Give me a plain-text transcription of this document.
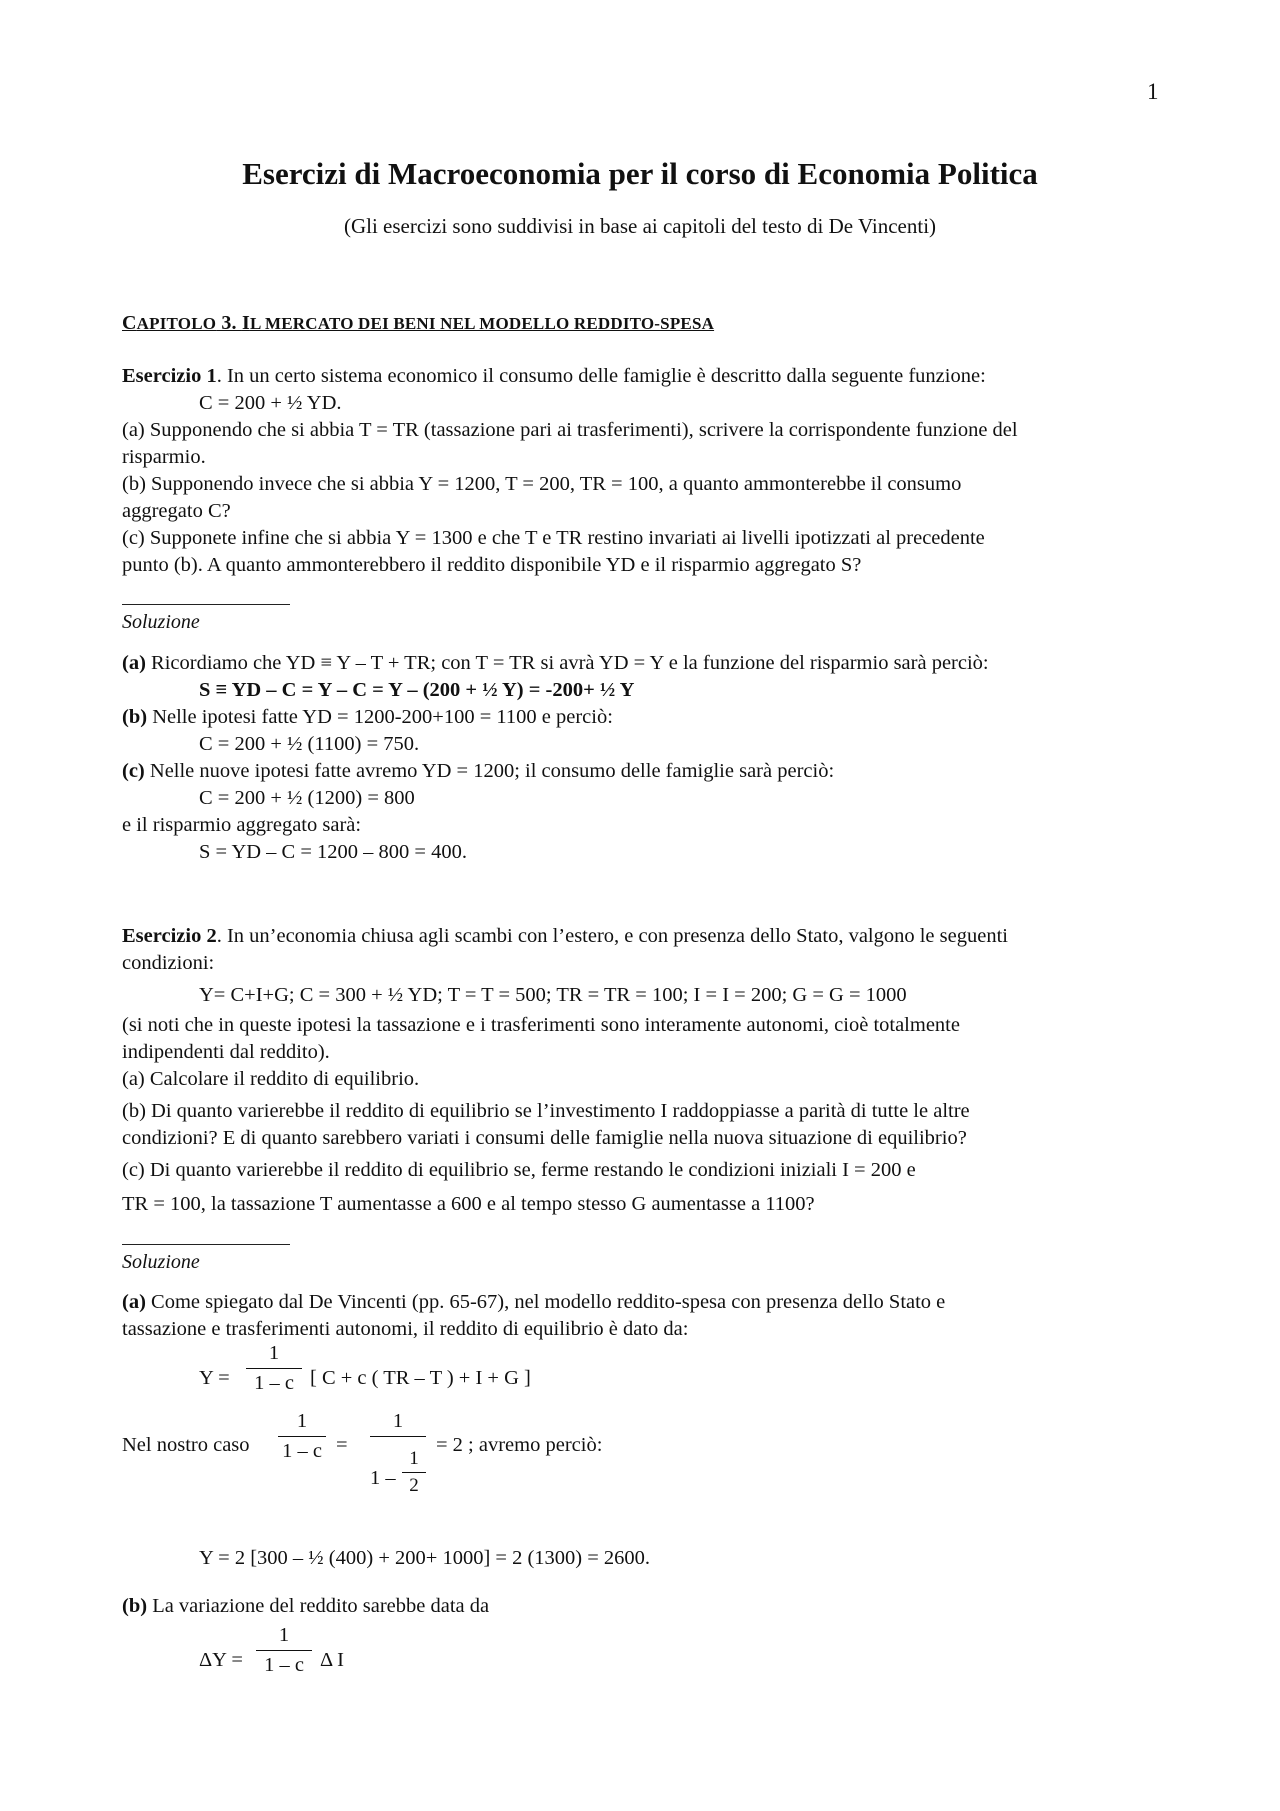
1
Esercizi di Macroeconomia per il corso di Economia Politica
(Gli esercizi sono suddivisi in base ai capitoli del testo di De Vincenti)
CAPITOLO 3. IL MERCATO DEI BENI NEL MODELLO REDDITO-SPESA
Esercizio 1. In un certo sistema economico il consumo delle famiglie è descritto dalla seguente funzione:
C = 200 + ½ YD.
(a) Supponendo che si abbia T = TR (tassazione pari ai trasferimenti), scrivere la corrispondente funzione del
risparmio.
(b) Supponendo invece che si abbia Y = 1200, T = 200, TR = 100, a quanto ammonterebbe il consumo
aggregato C?
(c) Supponete infine che si abbia Y = 1300 e che T e TR restino invariati ai livelli ipotizzati al precedente
punto (b). A quanto ammonterebbero il reddito disponibile YD e il risparmio aggregato S?
Soluzione
(a) Ricordiamo che YD ≡ Y – T + TR; con T = TR si avrà YD = Y e la funzione del risparmio sarà perciò:
S ≡ YD – C = Y – C = Y – (200 + ½ Y) = -200+ ½ Y
(b) Nelle ipotesi fatte YD = 1200-200+100 = 1100 e perciò:
C = 200 + ½ (1100) = 750.
(c) Nelle nuove ipotesi fatte avremo YD = 1200; il consumo delle famiglie sarà perciò:
C = 200 + ½ (1200) = 800
e il risparmio aggregato sarà:
S = YD – C = 1200 – 800 = 400.
Esercizio 2. In un’economia chiusa agli scambi con l’estero, e con presenza dello Stato, valgono le seguenti
condizioni:
Y= C+I+G; C = 300 + ½ YD; T = T = 500; TR = TR = 100; I = I = 200; G = G = 1000
(si noti che in queste ipotesi la tassazione e i trasferimenti sono interamente autonomi, cioè totalmente
indipendenti dal reddito).
(a) Calcolare il reddito di equilibrio.
(b) Di quanto varierebbe il reddito di equilibrio se l’investimento I raddoppiasse a parità di tutte le altre
condizioni? E di quanto sarebbero variati i consumi delle famiglie nella nuova situazione di equilibrio?
(c) Di quanto varierebbe il reddito di equilibrio se, ferme restando le condizioni iniziali I = 200 e
TR = 100, la tassazione T aumentasse a 600 e al tempo stesso G aumentasse a 1100?
Soluzione
(a) Come spiegato dal De Vincenti (pp. 65-67), nel modello reddito-spesa con presenza dello Stato e
tassazione e trasferimenti autonomi, il reddito di equilibrio è dato da:
Y =
1
1 – c [ C + c ( TR – T ) + I + G ]
Nel nostro caso
1
1 – c =
1
1 –
1
2
= 2 ; avremo perciò:
Y = 2 [300 – ½ (400) + 200+ 1000] = 2 (1300) = 2600.
(b) La variazione del reddito sarebbe data da
ΔY =
1
1 – c Δ I
